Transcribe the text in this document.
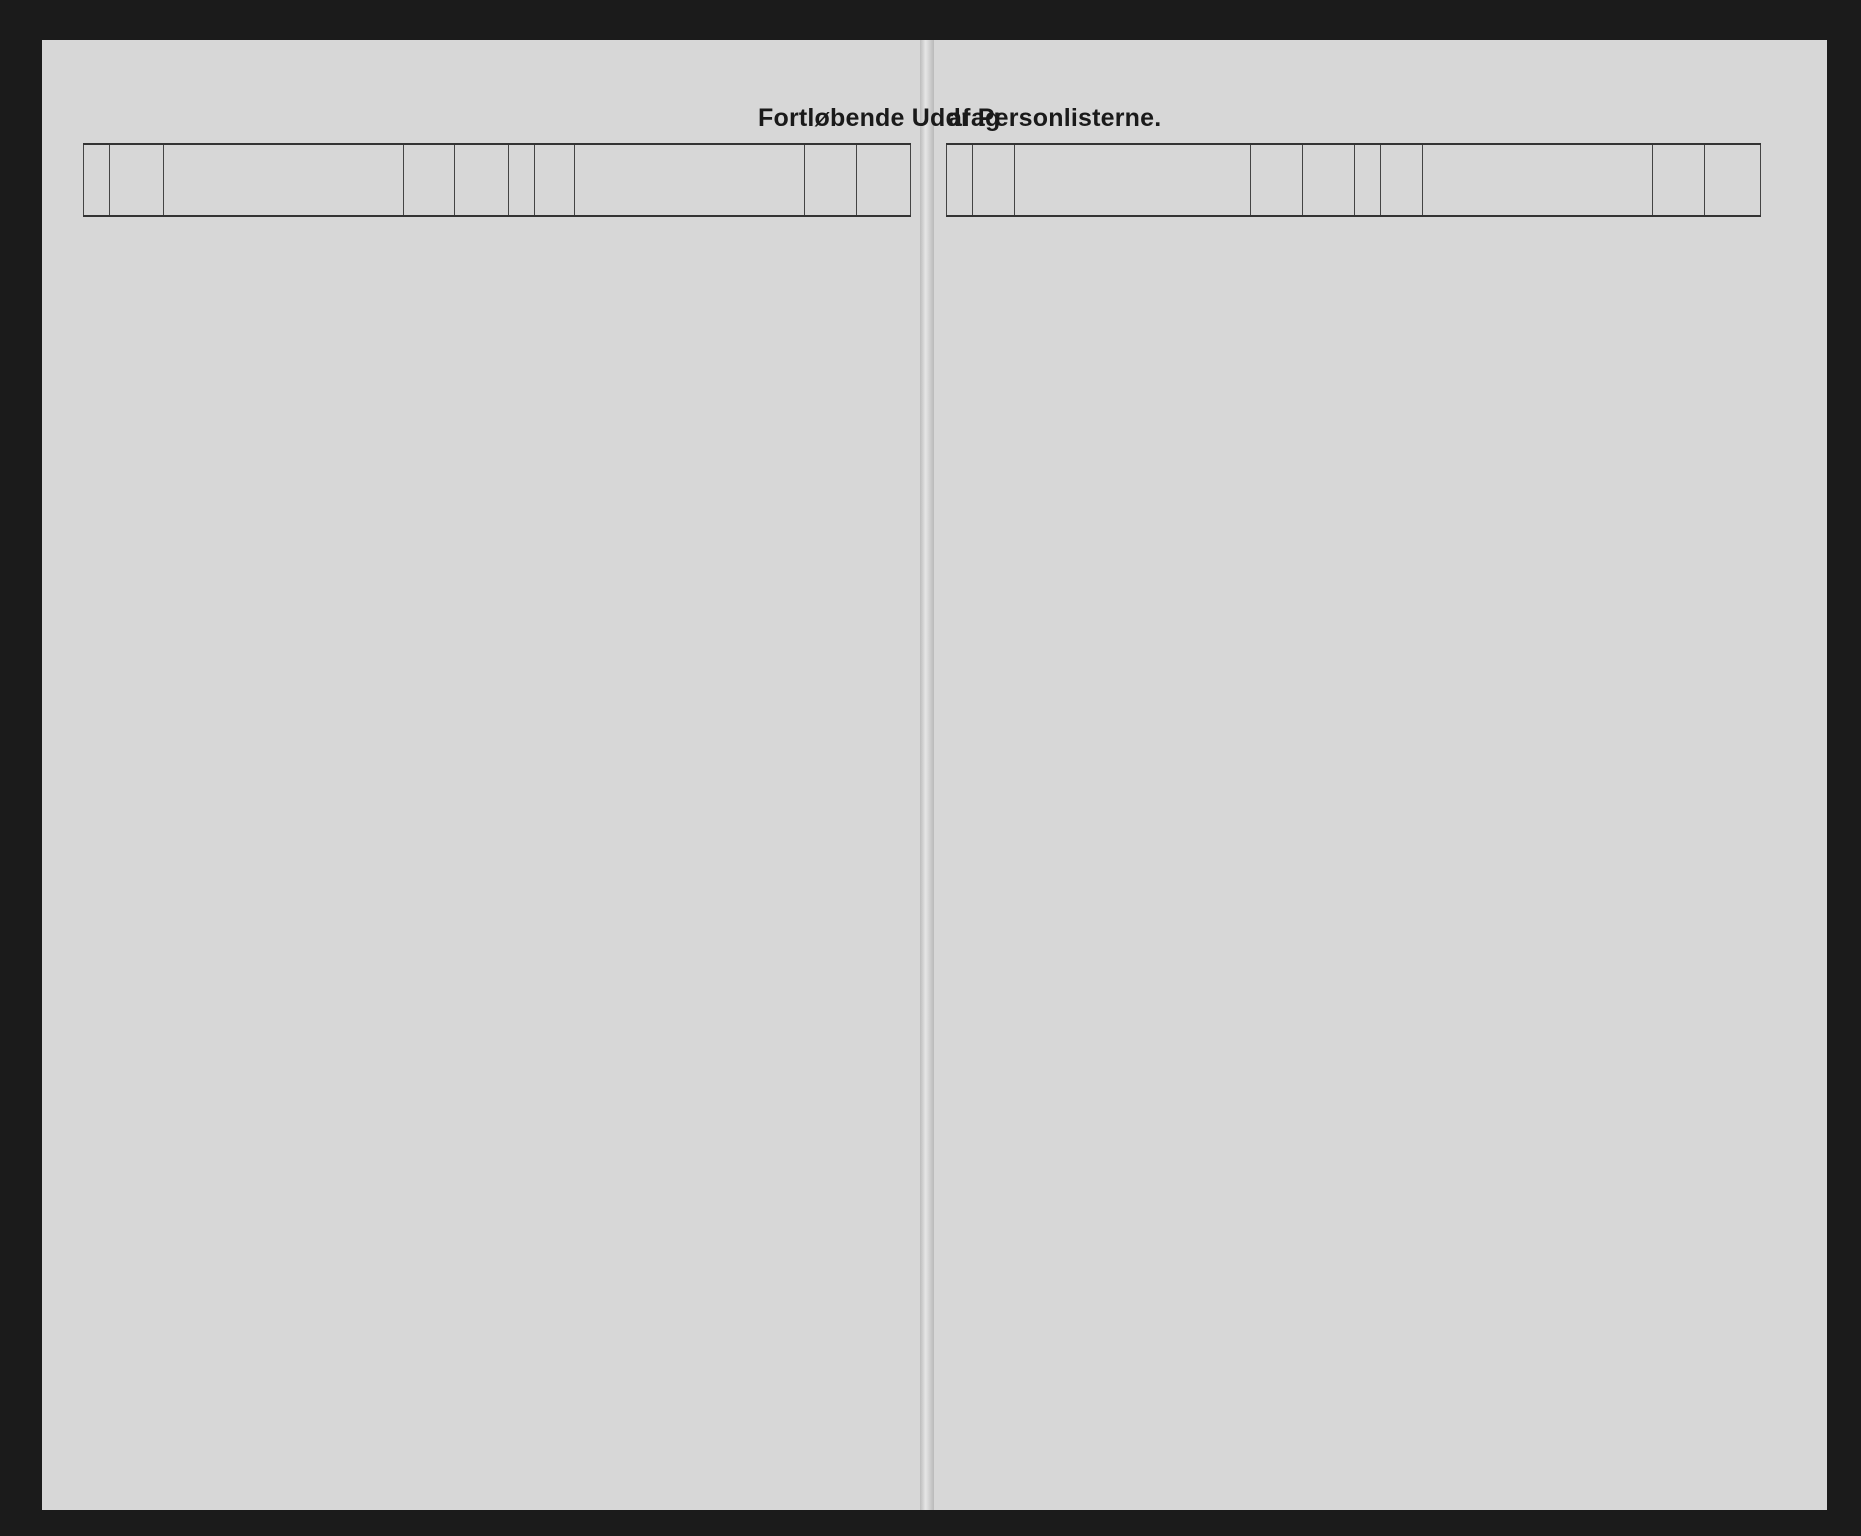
Fortløbende Uddrag
af Personlisterne.
